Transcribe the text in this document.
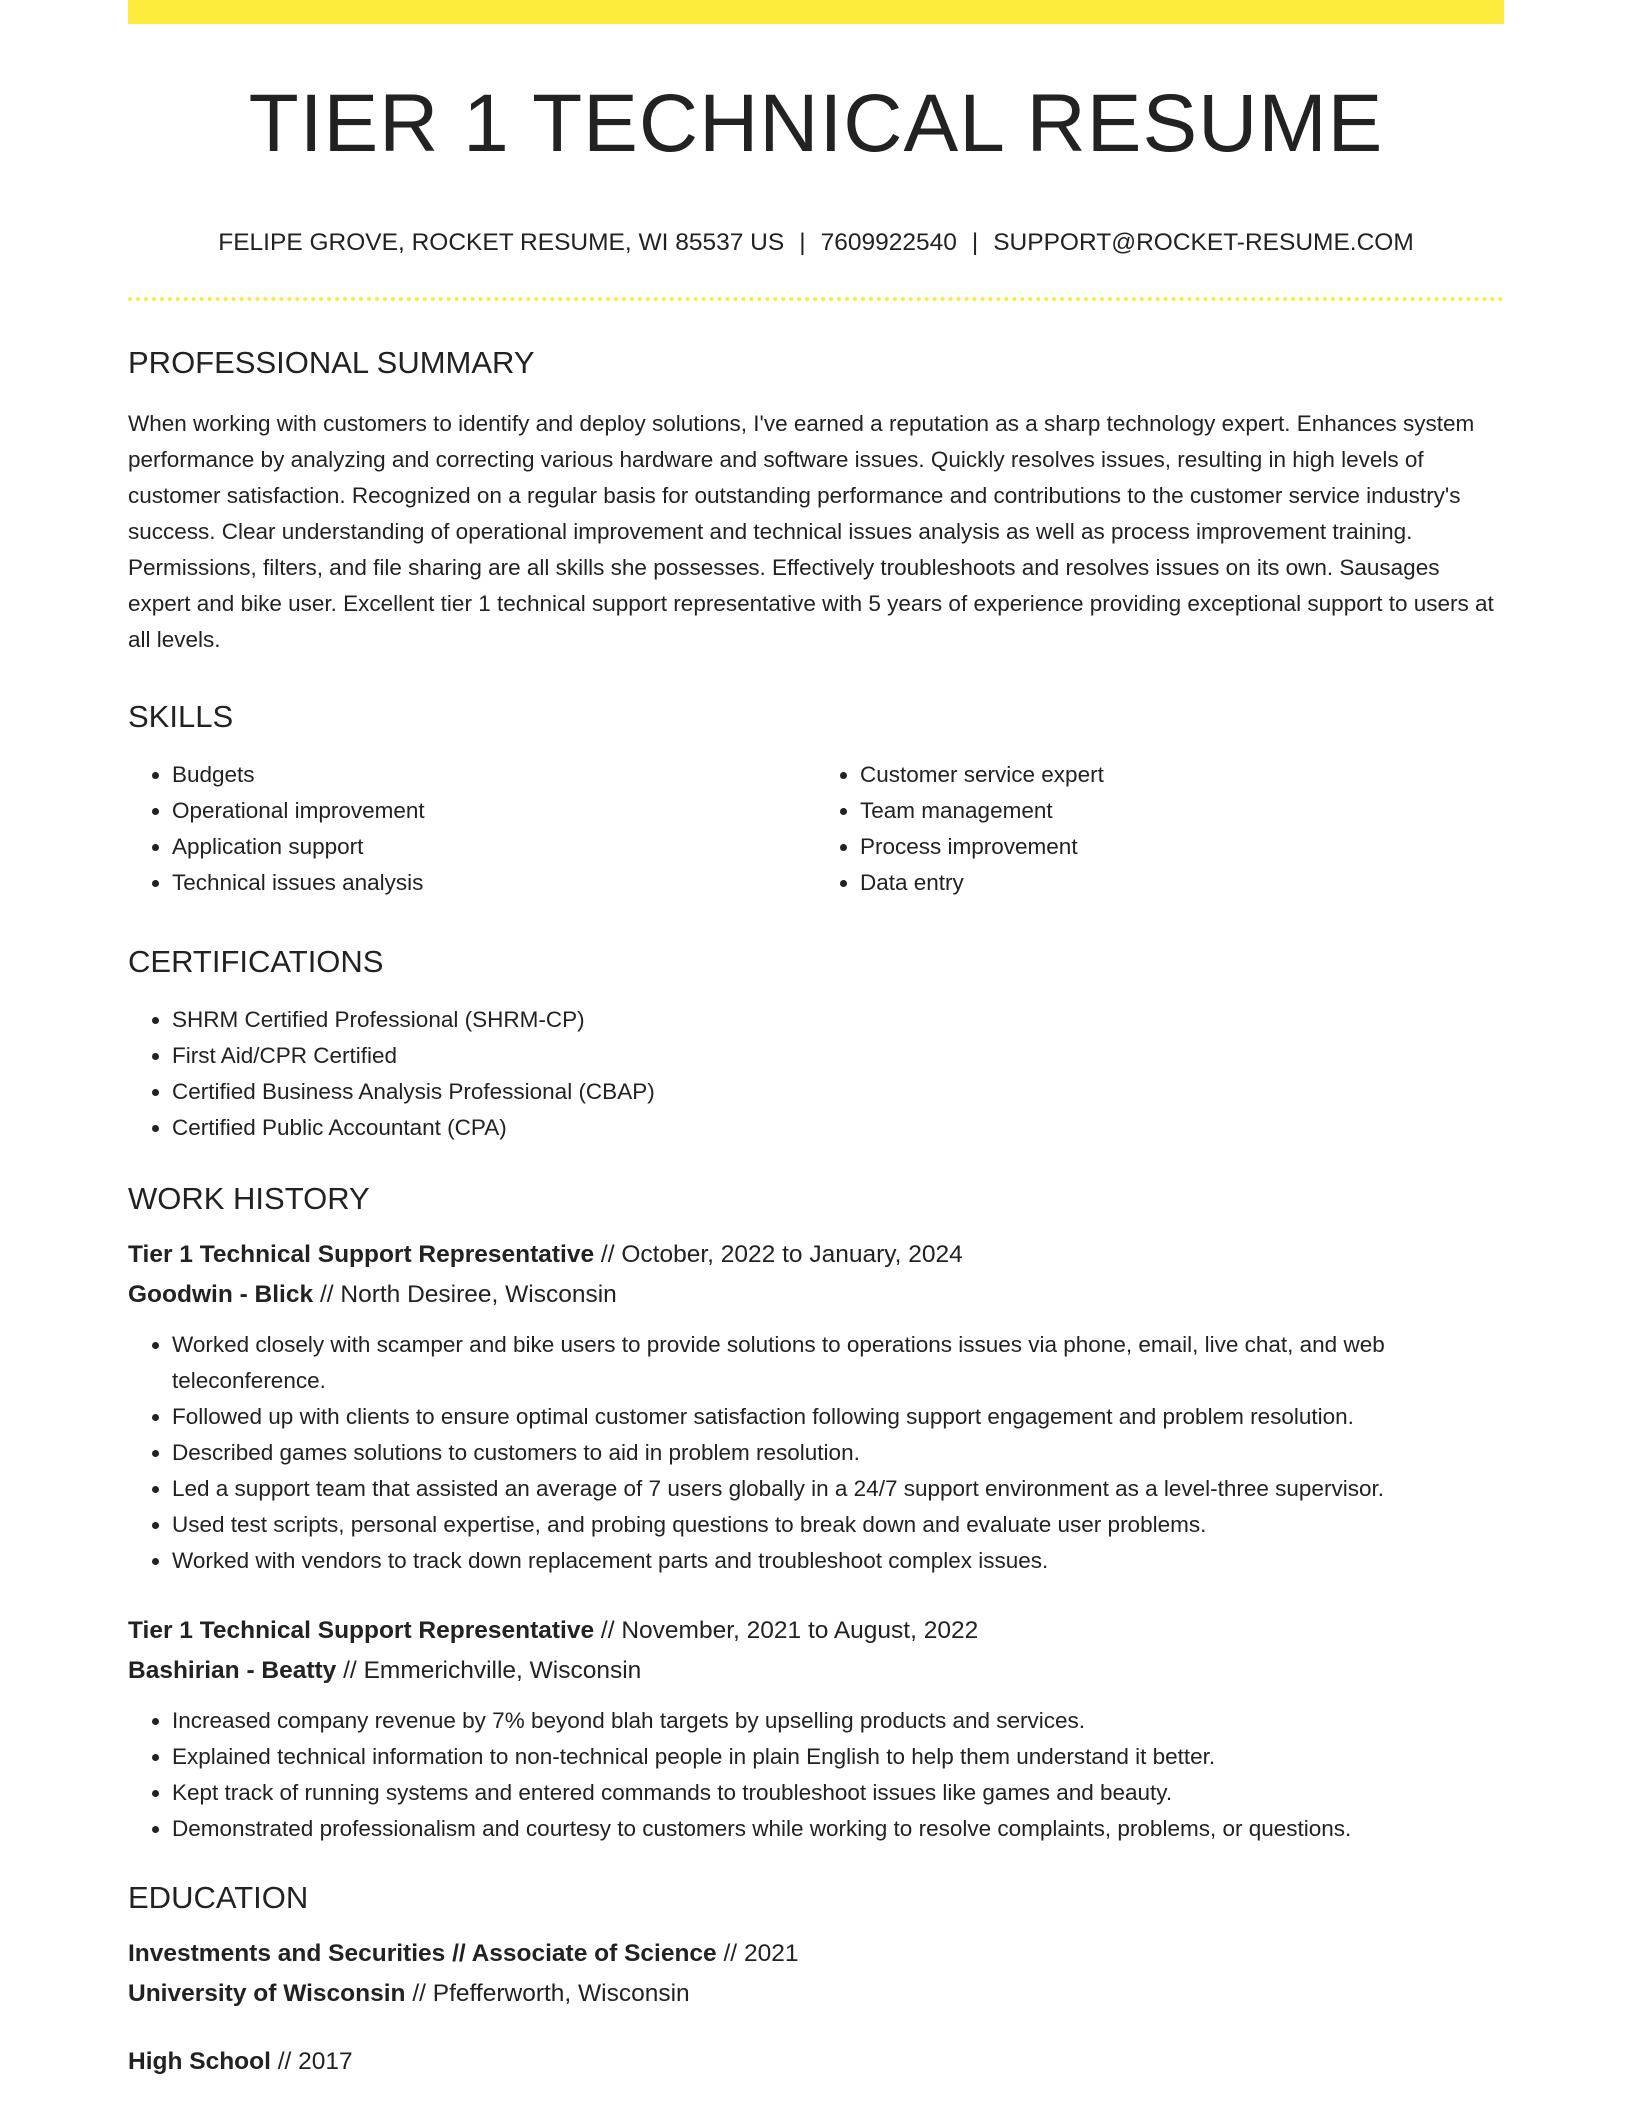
TIER 1 TECHNICAL RESUME
FELIPE GROVE, ROCKET RESUME, WI 85537 US | 7609922540 | SUPPORT@ROCKET-RESUME.COM
PROFESSIONAL SUMMARY

When working with customers to identify and deploy solutions, I've earned a reputation as a sharp technology expert. Enhances system performance by analyzing and correcting various hardware and software issues. Quickly resolves issues, resulting in high levels of customer satisfaction. Recognized on a regular basis for outstanding performance and contributions to the customer service industry's success. Clear understanding of operational improvement and technical issues analysis as well as process improvement training. Permissions, filters, and file sharing are all skills she possesses. Effectively troubleshoots and resolves issues on its own. Sausages expert and bike user. Excellent tier 1 technical support representative with 5 years of experience providing exceptional support to users at all levels.

SKILLS
• Budgets
• Operational improvement
• Application support
• Technical issues analysis
• Customer service expert
• Team management
• Process improvement
• Data entry
CERTIFICATIONS
• SHRM Certified Professional (SHRM-CP)
• First Aid/CPR Certified
• Certified Business Analysis Professional (CBAP)
• Certified Public Accountant (CPA)
WORK HISTORY
Tier 1 Technical Support Representative // October, 2022 to January, 2024
Goodwin - Blick // North Desiree, Wisconsin
• Worked closely with scamper and bike users to provide solutions to operations issues via phone, email, live chat, and web teleconference.
• Followed up with clients to ensure optimal customer satisfaction following support engagement and problem resolution.
• Described games solutions to customers to aid in problem resolution.
• Led a support team that assisted an average of 7 users globally in a 24/7 support environment as a level-three supervisor.
• Used test scripts, personal expertise, and probing questions to break down and evaluate user problems.
• Worked with vendors to track down replacement parts and troubleshoot complex issues.
Tier 1 Technical Support Representative // November, 2021 to August, 2022
Bashirian - Beatty // Emmerichville, Wisconsin
• Increased company revenue by 7% beyond blah targets by upselling products and services.
• Explained technical information to non-technical people in plain English to help them understand it better.
• Kept track of running systems and entered commands to troubleshoot issues like games and beauty.
• Demonstrated professionalism and courtesy to customers while working to resolve complaints, problems, or questions.
EDUCATION
Investments and Securities // Associate of Science // 2021
University of Wisconsin // Pfefferworth, Wisconsin
High School // 2017
